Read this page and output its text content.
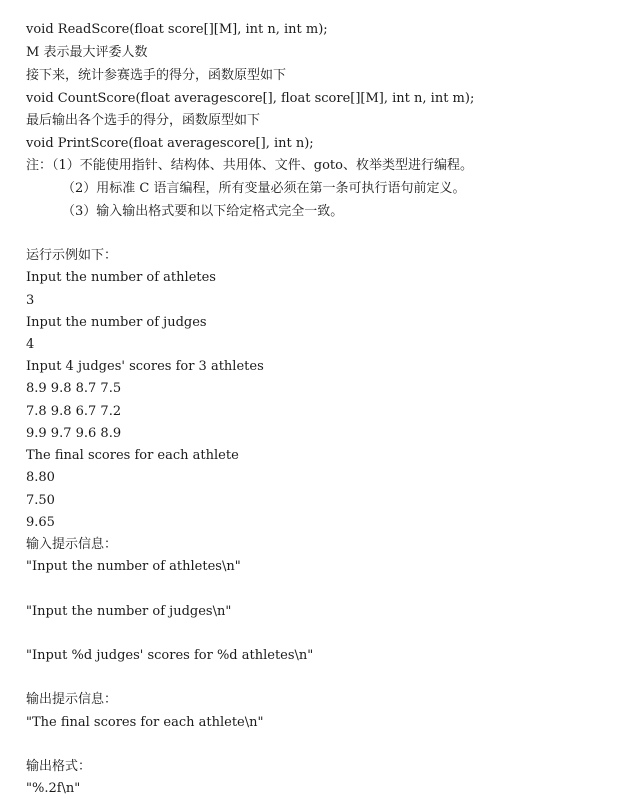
void ReadScore(float score[][M], int n, int m);
M 表示最大评委人数
接下来，统计参赛选手的得分，函数原型如下
void CountScore(float averagescore[], float score[][M], int n, int m);
最后输出各个选手的得分，函数原型如下
void PrintScore(float averagescore[], int n);
注：（1）不能使用指针、结构体、共用体、文件、goto、枚举类型进行编程。
（2）用标准 C 语言编程，所有变量必须在第一条可执行语句前定义。
（3）输入输出格式要和以下给定格式完全一致。
运行示例如下：
Input the number of athletes
3
Input the number of judges
4
Input 4 judges' scores for 3 athletes
8.9 9.8 8.7 7.5
7.8 9.8 6.7 7.2
9.9 9.7 9.6 8.9
The final scores for each athlete
8.80
7.50
9.65
输入提示信息：
"Input the number of athletes\n"
"Input the number of judges\n"
"Input %d judges' scores for %d athletes\n"
输出提示信息：
"The final scores for each athlete\n"
输出格式：
"%.2f\n"
